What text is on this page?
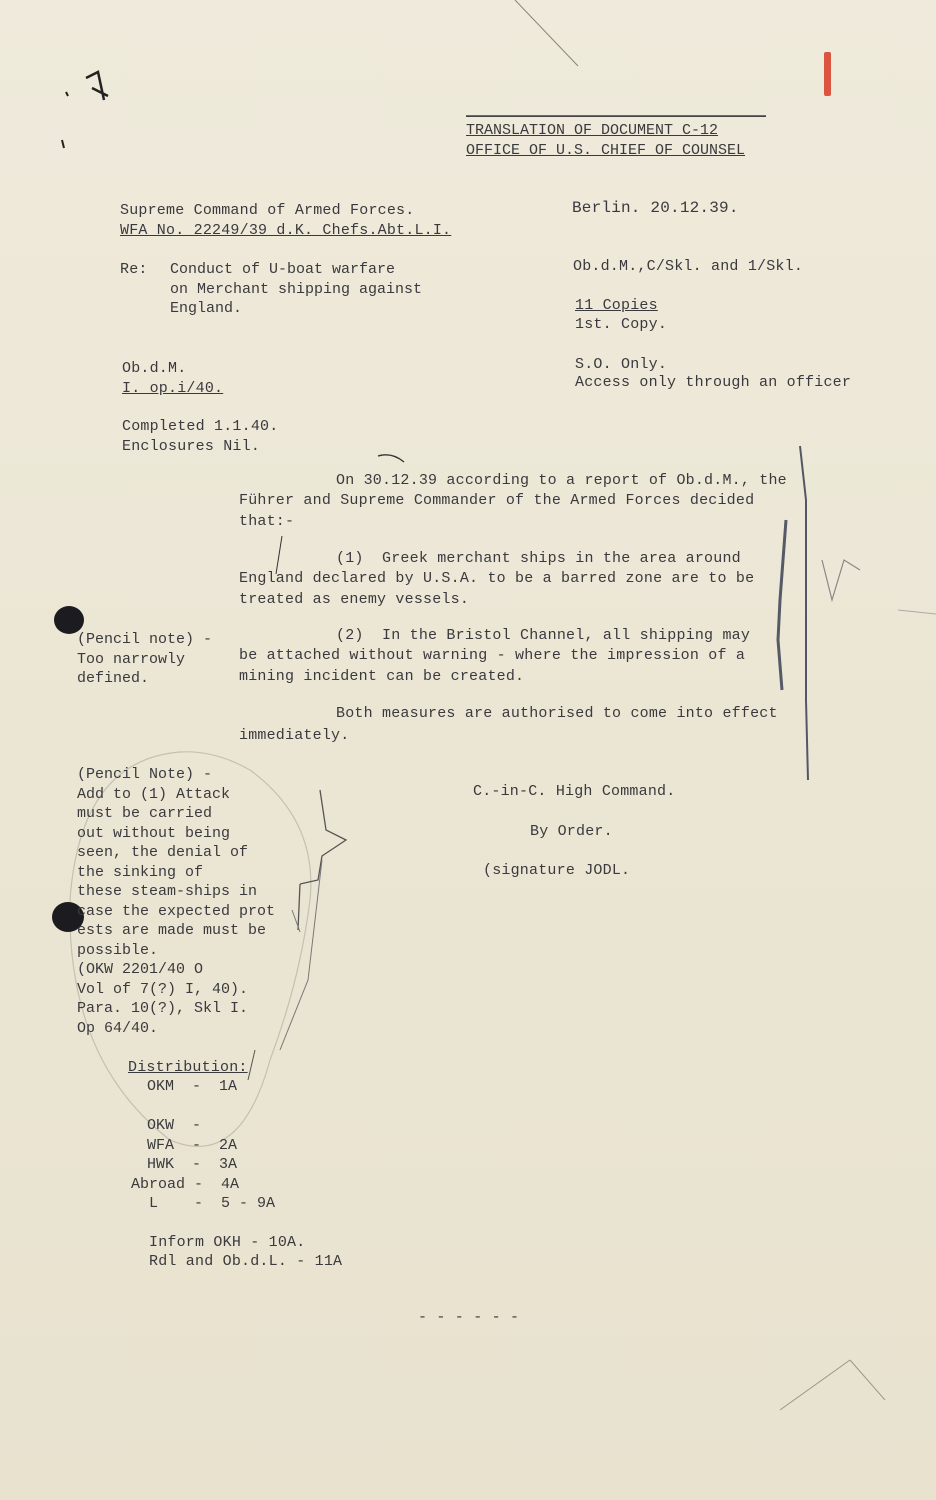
TRANSLATION OF DOCUMENT C-12
OFFICE OF U.S. CHIEF OF COUNSEL
Supreme Command of Armed Forces.
WFA No. 22249/39 d.K. Chefs.Abt.L.I.
Berlin. 20.12.39.
Re: Conduct of U-boat warfare
on Merchant shipping against
England.
Ob.d.M.,C/Skl. and 1/Skl.
11 Copies
1st. Copy.
Ob.d.M.
I. op.i/40.
S.O. Only.
Access only through an officer
Completed 1.1.40.
Enclosures Nil.
On 30.12.39 according to a report of Ob.d.M., the
Führer and Supreme Commander of the Armed Forces decided
that:-
(1)  Greek merchant ships in the area around
England declared by U.S.A. to be a barred zone are to be
treated as enemy vessels.
(2)  In the Bristol Channel, all shipping may
be attached without warning - where the impression of a
mining incident can be created.
Both measures are authorised to come into effect
immediately.
(Pencil note) -
Too narrowly
defined.
(Pencil Note) -
Add to (1) Attack
must be carried
out without being
seen, the denial of
the sinking of
these steam-ships in
case the expected prot
ests are made must be
possible.
(OKW 2201/40 O
Vol of 7(?) I, 40).
Para. 10(?), Skl I.
Op 64/40.
C.-in-C. High Command.
By Order.
(signature JODL.
Distribution:
OKM  -  1A
OKW  -
WFA  -  2A
HWK  -  3A
Abroad -  4A
L    -  5 - 9A
Inform OKH - 10A.
Rdl and Ob.d.L. - 11A
- - - - - -
